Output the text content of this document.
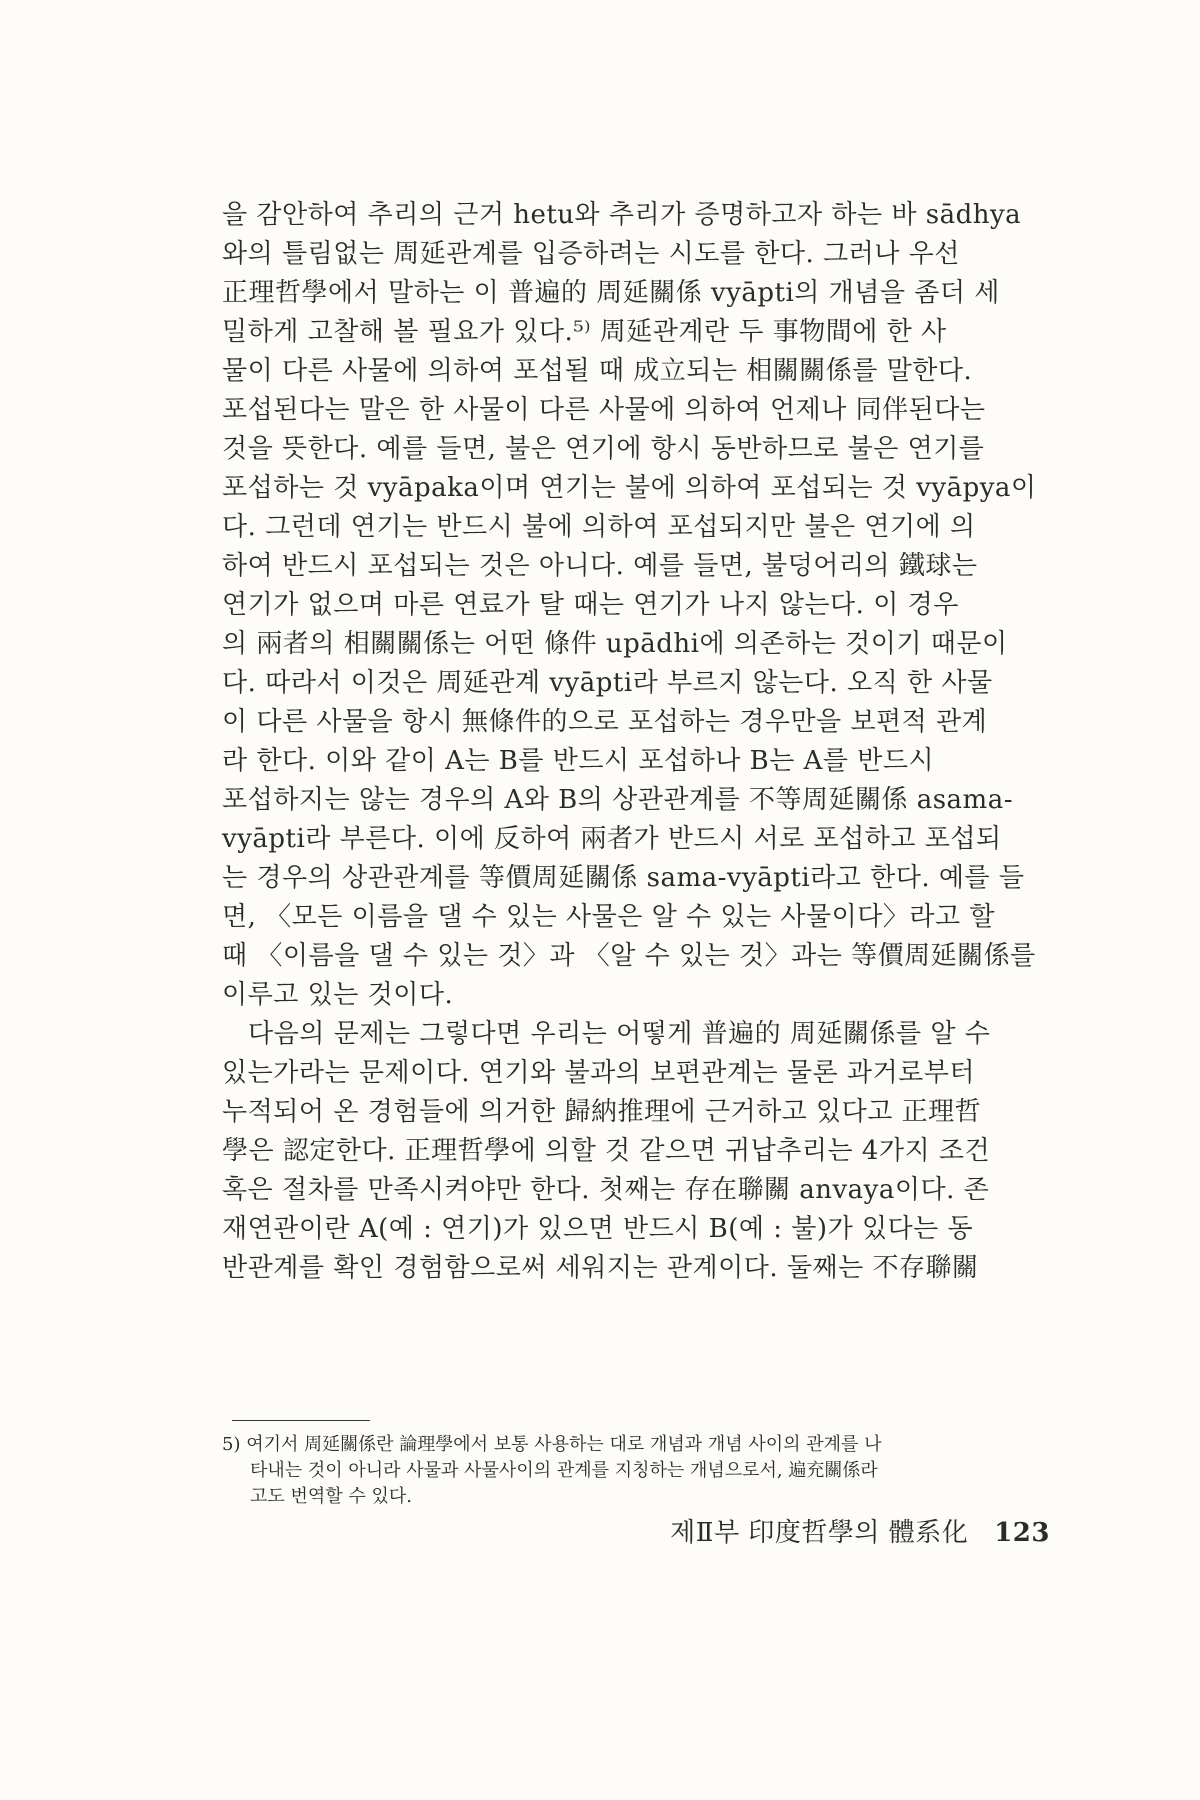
을 감안하여 추리의 근거 hetu와 추리가 증명하고자 하는 바 sādhya
와의 틀림없는 周延관계를 입증하려는 시도를 한다. 그러나 우선
正理哲學에서 말하는 이 普遍的 周延關係 vyāpti의 개념을 좀더 세
밀하게 고찰해 볼 필요가 있다.⁵⁾ 周延관계란 두 事物間에 한 사
물이 다른 사물에 의하여 포섭될 때 成立되는 相關關係를 말한다.
포섭된다는 말은 한 사물이 다른 사물에 의하여 언제나 同伴된다는
것을 뜻한다. 예를 들면, 불은 연기에 항시 동반하므로 불은 연기를
포섭하는 것 vyāpaka이며 연기는 불에 의하여 포섭되는 것 vyāpya이
다. 그런데 연기는 반드시 불에 의하여 포섭되지만 불은 연기에 의
하여 반드시 포섭되는 것은 아니다. 예를 들면, 불덩어리의 鐵球는
연기가 없으며 마른 연료가 탈 때는 연기가 나지 않는다. 이 경우
의 兩者의 相關關係는 어떤 條件 upādhi에 의존하는 것이기 때문이
다. 따라서 이것은 周延관계 vyāpti라 부르지 않는다. 오직 한 사물
이 다른 사물을 항시 無條件的으로 포섭하는 경우만을 보편적 관계
라 한다. 이와 같이 A는 B를 반드시 포섭하나 B는 A를 반드시
포섭하지는 않는 경우의 A와 B의 상관관계를 不等周延關係 asama-
vyāpti라 부른다. 이에 反하여 兩者가 반드시 서로 포섭하고 포섭되
는 경우의 상관관계를 等價周延關係 sama-vyāpti라고 한다. 예를 들
면, 〈모든 이름을 댈 수 있는 사물은 알 수 있는 사물이다〉라고 할
때 〈이름을 댈 수 있는 것〉과 〈알 수 있는 것〉과는 等價周延關係를
이루고 있는 것이다.
다음의 문제는 그렇다면 우리는 어떻게 普遍的 周延關係를 알 수
있는가라는 문제이다. 연기와 불과의 보편관계는 물론 과거로부터
누적되어 온 경험들에 의거한 歸納推理에 근거하고 있다고 正理哲
學은 認定한다. 正理哲學에 의할 것 같으면 귀납추리는 4가지 조건
혹은 절차를 만족시켜야만 한다. 첫째는 存在聯關 anvaya이다. 존
재연관이란 A(예 : 연기)가 있으면 반드시 B(예 : 불)가 있다는 동
반관계를 확인 경험함으로써 세워지는 관계이다. 둘째는 不存聯關
5) 여기서 周延關係란 論理學에서 보통 사용하는 대로 개념과 개념 사이의 관계를 나
타내는 것이 아니라 사물과 사물사이의 관계를 지칭하는 개념으로서, 遍充關係라
고도 번역할 수 있다.
제Ⅱ부 印度哲學의 體系化 123
